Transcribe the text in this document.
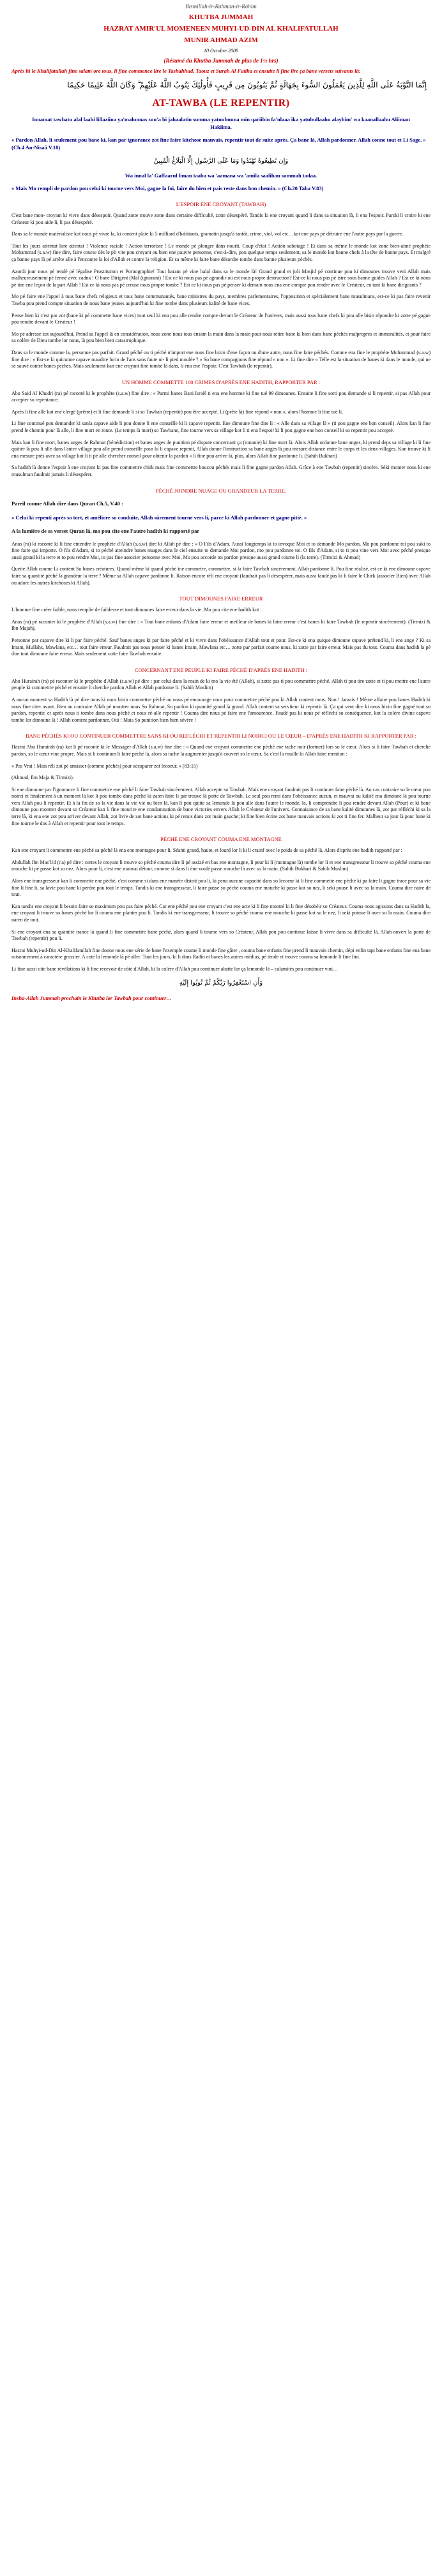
Bismillah-ir-Rahman-ir-Rahim
KHUTBA JUMMAH
HAZRAT AMIR'UL MOMENEEN MUHYI-UD-DIN AL KHALIFATULLAH
MUNIR AHMAD AZIM
10 Octobre 2008
(Résumé du Khutba Jummah de plus de 1½ hrs)
Après hi le Khalifatullah fine salam'ore tous, li fine commence lire le Tashahhud, Taouz et Surah Al Fatiha et ensuite li fine lire ça bane versets suivants là:
إِنَّمَا التَّوْبَةُ عَلَى اللَّهِ لِلَّذِينَ يَعْمَلُونَ السُّوءَ بِجَهَالَةٍ ثُمَّ يَتُوبُونَ مِن قَرِيبٍ فَأُولَٰئِكَ يَتُوبُ اللَّهُ عَلَيْهِمْ ۗ وَكَانَ اللَّهُ عَلِيمًا حَكِيمًا
AT-TAWBA (LE REPENTIR)
Innamat tawbatu alal laahi lillaziina ya'malunnas suu'a bi jahaalatin summa yatuubuuna min qariibin fa'ulaaa ika yatubullaahu alayhim' wa kaanallaahu Aliiman Hakiima.
« Pardon Allah, li seulement pou bane ki, kan par ignorance zot fine faire kitchose mauvais, repentir tout de suite après. Ça bane là, Allah pardonner. Allah conne tout et Li Sage. » (Ch.4 An-Nisaâ V.18)
وَإِن تَطِيعُوهُ تَهْتَدُوا وَمَا عَلَى الرَّسُولِ إِلَّا الْبَلَاغُ الْمُبِينُ
Wa innal la' Gaffaarul liman taaba wa 'aamana wa 'amila saalihan summah tadaa.
« Mais Mo rempli de pardon pou celui ki tourne vers Moi, gagne la foi, faire du bien et pais reste dans bon chemin. » (Ch.20 Taha V.83)
L'ESPOIR ENE CROYANT (TAWBAH)

C'est bane mon- croyant ki vivre dans désespoir. Quand zotte trouve zotte dans certaine difficulté, zotte désespéré. Tandis ki ene croyant quand li dans sa situation là, li ena l'espoir. Parski li croire ki ene Créateur ki pou aide li, li pas désespéré.

Dans sa le monde matérialiste kot nous pé vivre la, ki content plaie ki 5 milliard d'habitants, gramatin jusqu'à tantôt, crime, viol, vol etc…kot ene pays pé détruire ene l'autre pays par la guerre.

Tout les jours attentat lore attentat ! Violence raciale ! Action terroriste ! Le monde pé plonger dans nourît. Coup d'état ! Action sabotage ! Et dans sa même le monde kot zone bien-aimé prophète Mohammad (s.a.w) fine dire, faire course dès le pli vite pou croyant ou bien ene pauvre personne, c'est-à-dire, pou quelque temps seulement, sa le monde kot banne chefs à la tête de banne pays. Et malgré ça banne pays là pé arrête alle à l'encontre la loi d'Allah et contre la religion. Et sa même ki faire bane désordre tombe dans banne plusieurs péchés.

Azordi jour nous pé tendé pé légalise Prostitution et Pornographie! Tout haram pé vine halal dans sa le monde là! Grand grand et joli Masjid pé continue pou ki dimounes trouve veni Allah mais malheureusement pé fermé avec cadna ! O bane Dirigent (Mal (ignorant) ! Est ce ki nous pas pé agrandir ou est nous propre destruction? Est-ce ki nous pas pé istre sous banne guides Allah ? Est ce ki nous pé tire ene leçon de la part Allah ! Est ce ki nous pas pé creuse nous propre tombe ? Est ce ki nous pas pé penser ki demain nous ena ene compte pou rendre avec le Créateur, en tant ki bane dirigeants ?

Mo pé faire ene l'appel à tous bane chefs religieux et tous bane communautés, bane ministres du pays, membres parlementaires, l'opposition et spécialement bane musulmans, est-ce ki pas faire revenir Tawba pou prend compte situation de nous bane jeunes aujourd'hui ki fine tombe dans plusieurs kalité de bane vices.

Pense bien ki c'est par zot (bane ki pé commette bane vices) tout seul ki ena pou alle rendre compte devant le Créateur de l'univers, mais aussi tous bane chefs ki pou alle bisin répondre ki zotte pé gagne pou rendre devant le Créateur !

Mo pé adresse zot aujourd'hui. Prend sa l'appel là en considération, nous zone nous tous ensam la main dans la main pour nous retire bane ki bien dans bane péchés malpropres et immoralités, et pour faire sa colère de Dieu tombe lor nous, là pou bien bien catastrophique.

Dans sa le monde comme la, personne pas parfait. Grand péché ou ti péché n'import ene nous fine bizin d'ene façon ou d'une autre, nous fine faire péchés. Comme ena fine le prophète Mohammad (s.a.w) fine dire : « Est-ce ki quicunne capave maudire lorin de l'ans sans faute ni- li pied moulée ? » So bane compagnons fine répond « non ». Li fine dire « Telle est la situation de banes ki dans le monde, qui ne se sauvé contre banes péchés. Mais seulement kan ene croyant fine tombe là dans, li ena ene l'espoir. C'est Tawbah (le repentir).

UN HOMME COMMETTE 100 CRIMES D'APRÈS ENE HADITH, RAPPORTER PAR :

Abu Said Al Khudri (ra) pé raconté ki le prophète (s.a.w) fine dire : « Parmi banes Bani Israël ti ena ene homme ki fine tué 99 dimounes. Ensuite li fine sorti pou demande si li repentir, si pas Allah pour accepter so repentance.

Après li fine alle kot ene clergé (prêtre) et li fine demande li si so Tawbah (repentir) pou être accepté. Li (prête là) fine répond « non », alors l'homme li fine tué li.

Li fine continué pou demander ki sanla capave aide li pou donne li ene conseille ki li capave repentir. Ene dimoune fine dire li : « Alle dans sa village là » (ti pou gagne ene bon conseil). Alors kan li fine prend le chemin pour là alle, li fine mort en route. (Le temps là mort) so Tawbane, fine tourne vers sa village kot li ti ena l'espoir ki li pou gagne ene bon conseil ki so repentir pou accepté.

Mais kan li fine mort, banes anges de Rahmat (bénédiction) et banes anges de punition pé dispute concernant ça (ronanie) ki fine mort là. Alors Allah ordonne bane anges, ki prend deps sa village ki li fine quitter là pou li alle dans l'autre village pou alle prend conseille pour ki li capave repenti, Allah donne l'instruction sa bane anges là pou mesure distance entre le corps et les deux villages. Kan trouve ki li ena mesure près avec sa village kot li ti pé alle chercher conseil pour obtenir la pardon « li fine pou arrive là, plus, alors Allah fine pardonne li. (Sahih Bukhari)

Sa hadith là donne l'espoir à ene croyant ki pas fine commettre chirk mais fine commettre boucou péchés mais li fine gagne pardon Allah. Grâce à ene Tawbah (repentir) sincère. Séki monter nous ki ene musulman faudrait jamais li désespérer.

PÉCHÉ JOINDRE NUAGE OU GRANDEUR LA TERRE.
Pareil coume Allah dire dans Quran Ch.5, V.40 :
« Celui ki repenti après so tort, et améliore so conduite, Allah sûrement tourne vers li, parce ki Allah pardonner et gagne pitié. »
A la lumière de sa verset Quran là, mo pou cite ene l'autre hadith ki rapporté par

Anas (ra) ki raconté ki li fine entendre le prophète d'Allah (s.a.w) dire ki Allah pé dire : « O Fils d'Adam. Aussi longtemps ki to invoque Moi et to demande Mo pardon, Mo pou pardonne toi pou zaki to fine faire qui importe. O fils d'Adam, si to péché atteindre banes nuages dans le ciel ensuite to demande Moi pardon, mo pou pardonne toi. O fils d'Adam, si to ti pou vine vers Moi avec péché presque aussi grand ki la terre et to pou rendre Moi, to pas fine associer personne avec Moi, Mo pou accorde toi pardon presque aussi grand coume li (la terre). (Tirmizi & Ahmad)

Quette Allah coume Li content So banes créatures. Quand même ki quand péché ine commetre, commettre, si la faire Tawbah sincèrement, Allah pardonne li. Pou fine réalisé, est ce ki ene dimoune capave faire sa quantité péché la grandeur la terre ? Même sa Allah capave pardonne li. Raison encore réli ene croyant (faudrait pas li désespérer, mais aussi faudé pas ki li faire le Chirk (associer Bien) avec Allah ou adore les autres kitchoses ki Allah).

TOUT DIMOUNES FAIRE ERREUR

L'homme fine créer faible, nous remplie de faiblesse et tout dimounes faire erreur dans la vie. Mo pou cite ene hadith kot :

Anas (ra) pé raconter ki le prophète d'Allah (s.a.w) fine dire : « Tout bane enfants d'Adam faire erreur et meilleur de banes ki faire erreur c'est banes ki faire Tawbah (le repentir sincèrement). (Tirmizi & Ibn Majah).

Personne par capave dire ki li par faire péché. Sauf banes anges ki par faire péché et ki vivre dans l'obéissance d'Allah tout et pour. Est-ce ki ena quique dimoune capave prétend ki, li ene ange ? Ki sa Imam, Mullahs, Mawlana, etc… tout faire erreur. Faudrait pas nous penser ki banes Imam, Mawlana etc… zotte par parfait coume nous, ki zotte par faire erreur. Mais pas du tout. Couma dans hadith la pé dire tout dimoune faire erreur. Mais seulement zotte faire Tawbah ensuite.

CONCERNANT ENE PEUPLE KI FAIRE PÉCHÉ D'APRÈS ENE HADITH :

Abu Hurairah (ra) pé raconter ki le prophète d'Allah (s.a.w) pé dire : par celui dans la main de ki mo la vie été (Allah), si zotte pas ti pou commettre péché, Allah ti pou tire zotte et ti pou mettre ene l'autre peuple ki commettre péché et ensuite li cherche pardon Allah et Allah pardonne li. (Sahih Muslim)

A aucun moment sa Hadith là pé dire nous ki nous bizin commettre péché ou nous pé encourage nous pour commettre péché pou ki Allah content nous. Non ! Jamais ! Même affaire pou banes Hadith ki nous fine citer avant. Bien au contraire Allah pé montrer nous So Rahmat, So pardon ki quantité grand là grand. Allah content sa serviteur ki repentir là. Ça qui veut dire ki nous bizin fine gagné tout so pardon, repentir, et après nous ti tombe dans nous péché et nous ré-alle repentir ! Couma dire nous pé faire ene l'amourence. Faudé pas ki nous pé réfléchi so conséquence, kot la colère divine capave tombe lor dimoune là ! Allah content pardonner, Oui ! Mais So punition bien bien sévère !

BANE PÉCHÉS KI OU CONTINUER COMMETTRE SANS KI OU REFLÉCHI ET REPENTIR LI NOIRCI OU LE CŒUR – D'APRÈS ENE HADITH KI RAPPORTER PAR :

Hazrat Abu Hurairah (ra) kot li pé raconté ki le Messager d'Allah (s.a.w) fine dire : « Quand ene croyant commettre ene péché ene tache noir (former) lors so le cœur. Alors si li faire Tawbah et cherche pardon, so le cœur vine propre. Mais si li continuer li faire péché là, alors sa tache là augmenter jusqu'à couvert so le cœur. Sa c'est la rouille ki Allah faire mention :

« Pas Vrai ! Mais réli zot pé amasser (comme péchés) pour accaparer zot lecoeur. » (83:15)

(Ahmad, Ibn Maja & Tirmizi).

Si ene dimoune par l'ignorance li fine commettre ene péché li faire Tawbah sincèrement. Allah accepte so Tawbah. Mais ene croyant faudrait pas li continuer faire péché là. Au cas contraire so le cœur pou noirci et finalement à un moment là kot li pou tombe dans péché ki zaten faire li par trouve là porte de Tawbah. Le seul pou remi dans l'obéissance aucun, et mauvai ou kalité ena dimoune là pou tourne vers Allah pou li repentir. Et à la fin de so la vie dans la vie vie ou bien là, kan li pou quitte sa lemonde là pou alle dans l'autre le monde, la, li comprendre li pou rendre devant Allah (Pour) et ki bane dimoune pou montrer devant so Créateur kan li fine mourire ene condamnation de bane victories envers Allah le Créateur de l'univers. Connaisance de sa bane kalité dimounes là, zot par réfléchi ki sa la terre là, ki ena ene zot pou arriver devant Allah, zot livre de zot bane actions ki pé remis dans zot main gauche; ki fine bien écrire zot bane mauvais actions ki zot ti fine fer. Malheur sa jour là pour bane ki fine tourne le dos à Allah et repentir pour tout le temps.

PÉCHÉ ENE CROYANT COUMA ENE MONTAGNE

Kan ene croyant li commettre ene péché sa péché là ena ene montagne pour li. Séanti grand, haute, et lourd lor li ki li crainf avec le poids de sa péché là. Alors d'après ene hadith rapporté par :

Abdullah Ibn Mas'Ud (r.a) pé dire : certes le croyant li trouve so péché couma dire li pé assizé en bas ene montagne, li peur ki li (montagne là) tombe lor li et ene transgresseur li trouve so péché couma ene mouche ki pé passe kot so nez. Alors pour li, c'est ene mauvai détour, comme si dans li ène voulé passe mouche là avec so la main. (Sahih Bukhari & Sahih Muslim).

Alors ene transgresseur kan li commette ene péché, c'est comme si dans ene manète distoit pou li, ki pena aucune capacité dans so lecoeur ki li fine commette ene péché ki pa faire li gagne trace pour sa vie fine li fine li, sa lavie pou bane ki perdre pou tout le temps. Tandis ki ene transgresseur, li faire passe so péché couma ene mouche ki passe kot so nez, li seki pouse li avec so la main. Couma dire naire de tout.

Kan tandis ene croyant li besoin faire so maximum pou pas faire péché. Car ene péché pou ene croyant c'est ene acte ki li fine montré ki li fine désobéir so Créateur. Couma nous agissons dans sa Hadith la, ene croyant li trouve so banes péché lor li couma ene planter pou li. Tandis ki ene transgresseur, li trouve so péché couma ene mouche ki passe kot so le nez, li seki pousse li avec so la main. Couma dire naren de tout.

Si ene croyant ena sa quantité trance là quand li fine commettre bane péché, alors quand li tourne vers so Créateur, Allah pou pou continue laisse li vivre dans sa difficulté là. Allah ouvert la porte de Tawbah (repentir) pou li.

Hazrat Muhyi-ud-Din Al-Khalifatullah fine donne nous ene série de bane l'exemple coume li monde fine gâter , couma bane enfants fine prend li mauvais chemin, dépi enfin tapi bane enfants fine ena bane raisonnement à caractère grossier. A cote la lemonde là pé aller. Tout les jours, ki li dans Radio et banes les autres médias, pé tende et trouve couma sa lemonde li fine fini.

Li fine aussi cite bane révélations ki li fine recevoir de côté d'Allah, ki la colère d'Allah pou continuer abatte lor ça lemonde là – calamités pou continuer vini…

وَأَنِ اسْتَغْفِرُوا رَبَّكُمْ ثُمَّ تُوبُوا إِلَيْهِ
Insha-Allah Jummah prochain le Khutba lor Tawbah pour continuer…
